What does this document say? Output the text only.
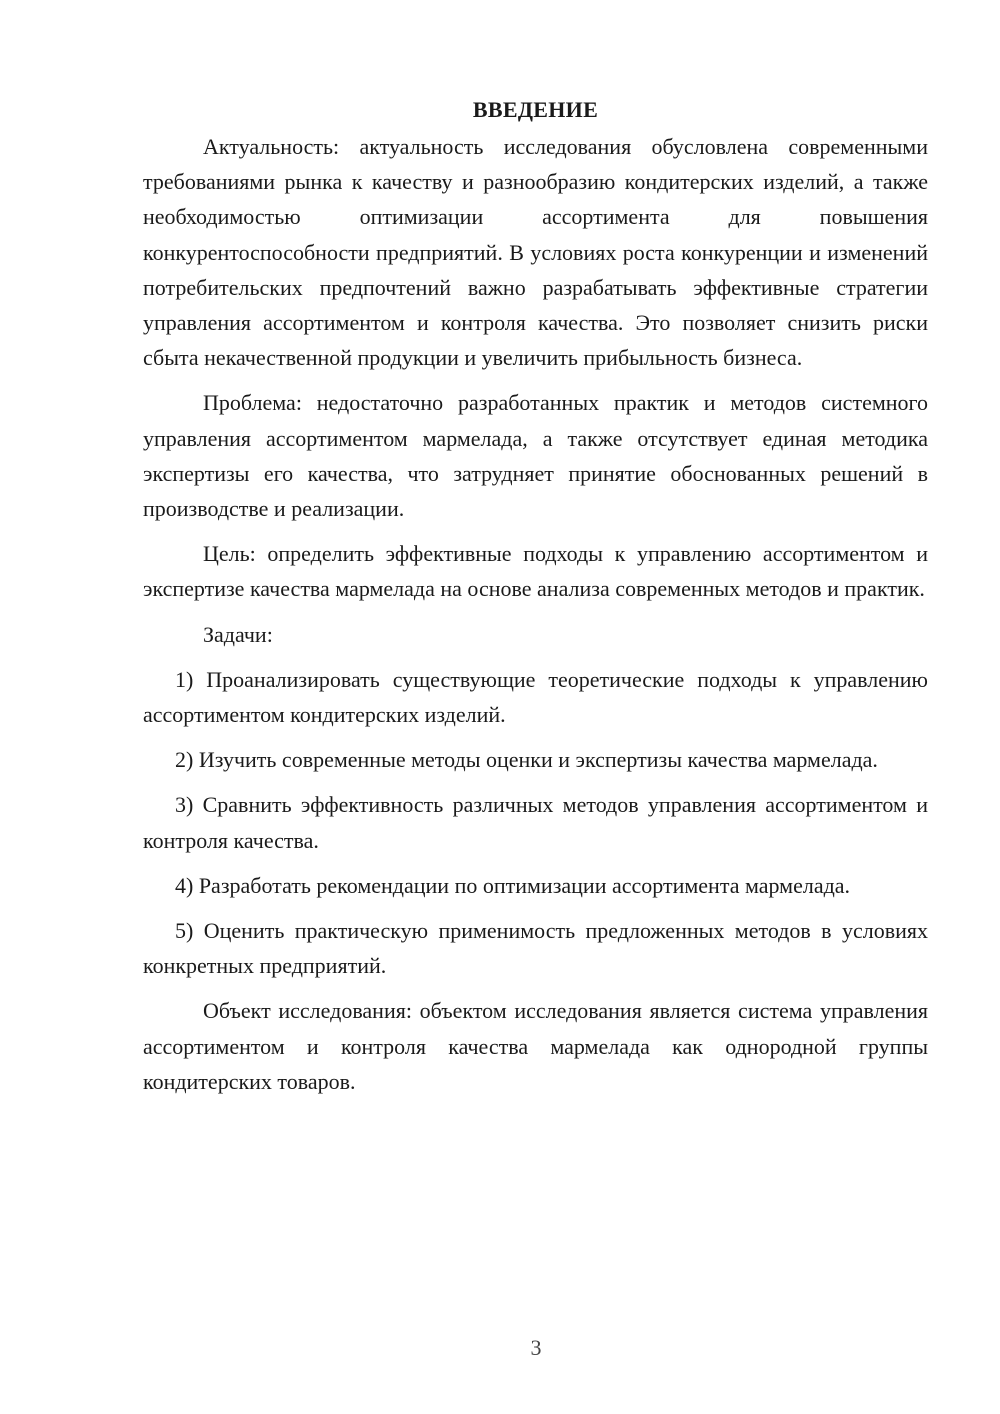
ВВЕДЕНИЕ

Актуальность: актуальность исследования обусловлена современными требованиями рынка к качеству и разнообразию кондитерских изделий, а также необходимостью оптимизации ассортимента для повышения конкурентоспособности предприятий. В условиях роста конкуренции и изменений потребительских предпочтений важно разрабатывать эффективные стратегии управления ассортиментом и контроля качества. Это позволяет снизить риски сбыта некачественной продукции и увеличить прибыльность бизнеса.

Проблема: недостаточно разработанных практик и методов системного управления ассортиментом мармелада, а также отсутствует единая методика экспертизы его качества, что затрудняет принятие обоснованных решений в производстве и реализации.

Цель: определить эффективные подходы к управлению ассортиментом и экспертизе качества мармелада на основе анализа современных методов и практик.

Задачи:

1) Проанализировать существующие теоретические подходы к управлению ассортиментом кондитерских изделий.

2) Изучить современные методы оценки и экспертизы качества мармелада.

3) Сравнить эффективность различных методов управления ассортиментом и контроля качества.

4) Разработать рекомендации по оптимизации ассортимента мармелада.

5) Оценить практическую применимость предложенных методов в условиях конкретных предприятий.

Объект исследования: объектом исследования является система управления ассортиментом и контроля качества мармелада как однородной группы кондитерских товаров.

3
